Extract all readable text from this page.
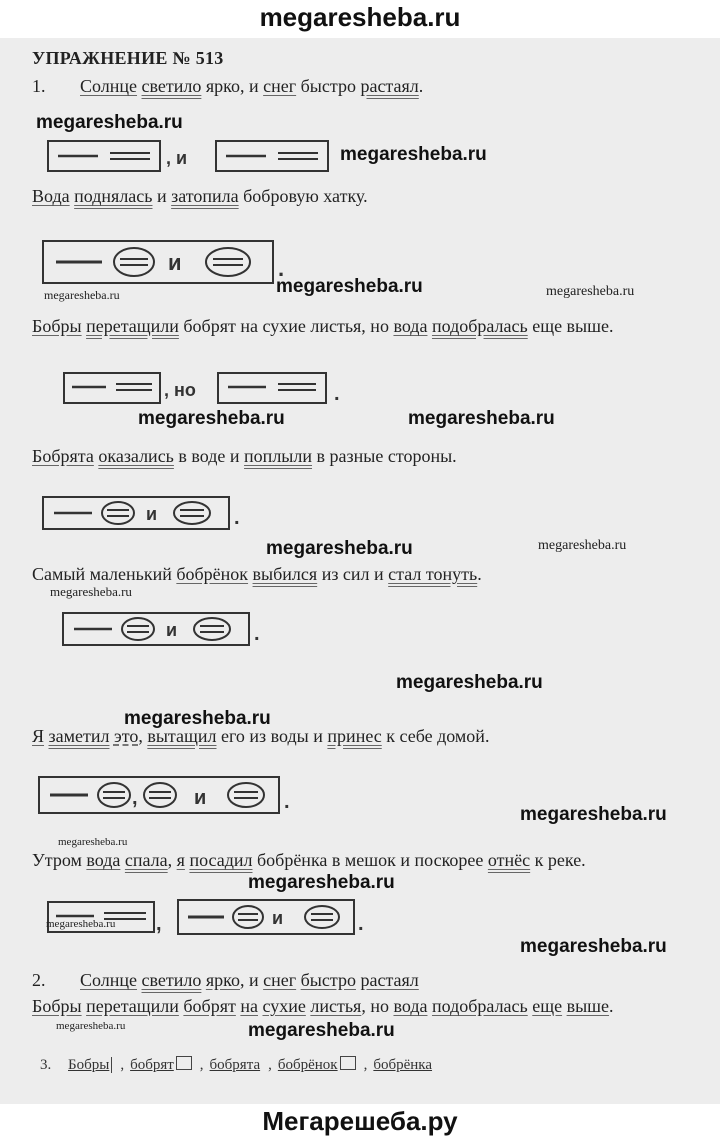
megaresheba.ru
УПРАЖНЕНИЕ № 513
1. Солнце светило ярко, и снег быстро растаял.
megaresheba.ru
, и	megaresheba.ru
Вода поднялась и затопила бобровую хатку.
и	.
megaresheba.ru	megaresheba.ru	megaresheba.ru
Бобры перетащили бобрят на сухие листья, но вода подобралась еще выше.
, но	.
megaresheba.ru	megaresheba.ru
Бобрята оказались в воде и поплыли в разные стороны.
и	.
megaresheba.ru	megaresheba.ru
Самый маленький бобрёнок выбился из сил и стал тонуть.
megaresheba.ru
и	.
megaresheba.ru
megaresheba.ru
Я заметил это, вытащил его из воды и принес к себе домой.
,	и	.
megaresheba.ru
megaresheba.ru
Утром вода спала, я посадил бобрёнка в мешок и поскорее отнёс к реке.
megaresheba.ru
,	и	.
megaresheba.ru
megaresheba.ru
2. Солнце светило ярко, и снег быстро растаял
Бобры перетащили бобрят на сухие листья, но вода подобралась еще выше.
megaresheba.ru	megaresheba.ru
3. Бобры , бобрят , бобрята , бобрёнок , бобрёнка
Мегарешеба.ру
